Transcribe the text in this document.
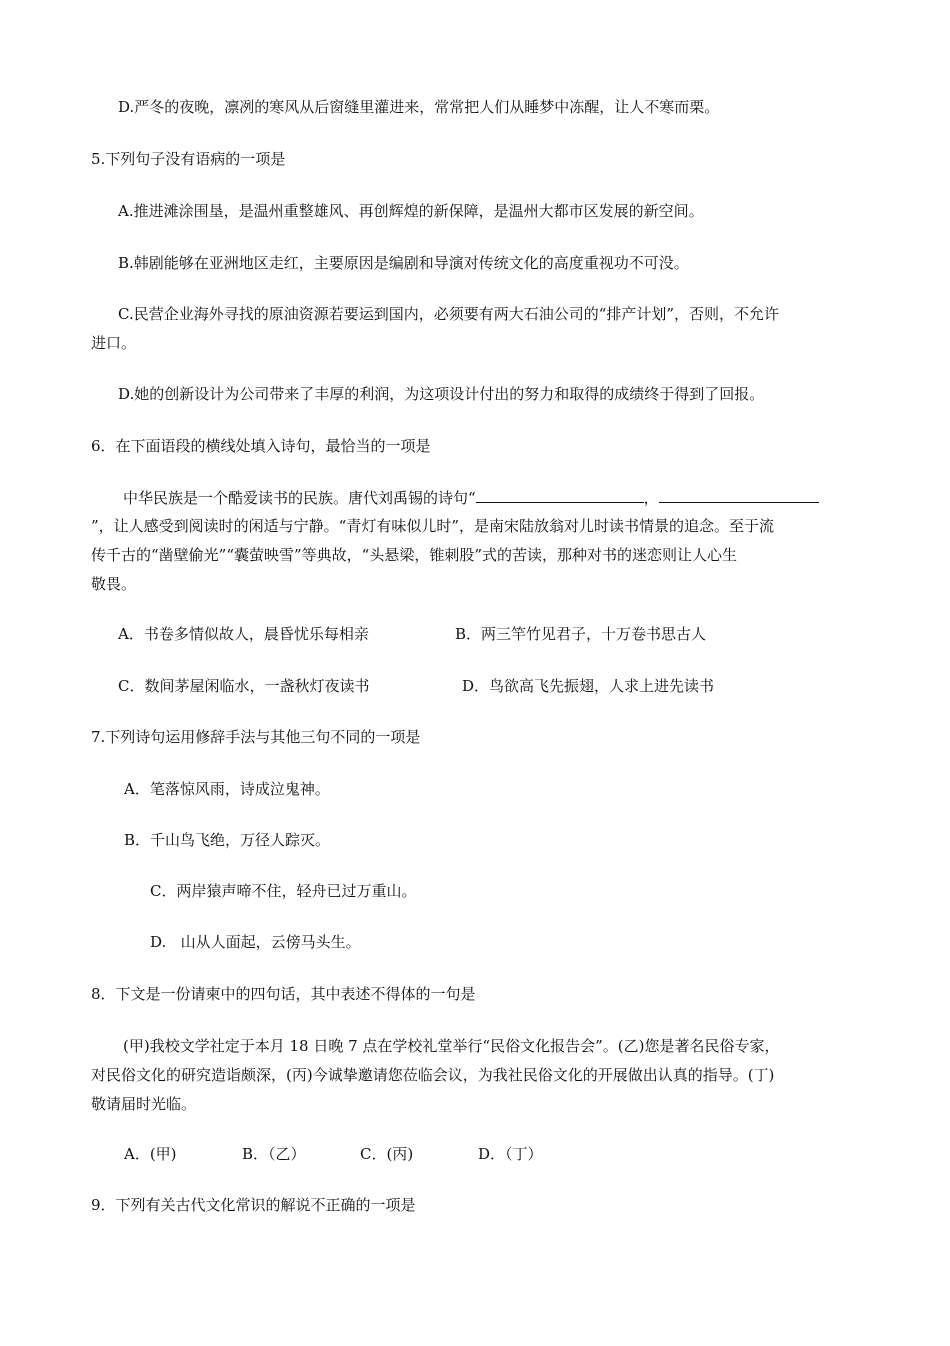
D.严冬的夜晚，凛冽的寒风从后窗缝里灌进来，常常把人们从睡梦中冻醒，让人不寒而栗。
5.下列句子没有语病的一项是
A.推进滩涂围垦，是温州重整雄风、再创辉煌的新保障，是温州大都市区发展的新空间。
B.韩剧能够在亚洲地区走红，主要原因是编剧和导演对传统文化的高度重视功不可没。
C.民营企业海外寻找的原油资源若要运到国内，必须要有两大石油公司的“排产计划”，否则，不允许
进口。
D.她的创新设计为公司带来了丰厚的利润，为这项设计付出的努力和取得的成绩终于得到了回报。
6．在下面语段的横线处填入诗句，最恰当的一项是
中华民族是一个酷爱读书的民族。唐代刘禹锡的诗句“	，
”，让人感受到阅读时的闲适与宁静。“青灯有味似儿时”，是南宋陆放翁对儿时读书情景的追念。至于流
传千古的“凿壁偷光”“囊萤映雪”等典故，“头悬梁，锥刺股”式的苦读，那种对书的迷恋则让人心生
敬畏。
A．书卷多情似故人，晨昏忧乐每相亲	B．两三竿竹见君子，十万卷书思古人
C．数间茅屋闲临水，一盏秋灯夜读书	D．鸟欲高飞先振翅，人求上进先读书
7.下列诗句运用修辞手法与其他三句不同的一项是
A．笔落惊风雨，诗成泣鬼神。
B．千山鸟飞绝，万径人踪灭。
C．两岸猿声啼不住，轻舟已过万重山。
D.   山从人面起，云傍马头生。
8．下文是一份请柬中的四句话，其中表述不得体的一句是
(甲)我校文学社定于本月 18 日晚 7 点在学校礼堂举行“民俗文化报告会”。(乙)您是著名民俗专家，
对民俗文化的研究造诣颇深，(丙)今诚挚邀请您莅临会议，为我社民俗文化的开展做出认真的指导。(丁)
敬请届时光临。
A．(甲)	B．（乙）	C．(丙)	D．（丁）
9．下列有关古代文化常识的解说不正确的一项是
